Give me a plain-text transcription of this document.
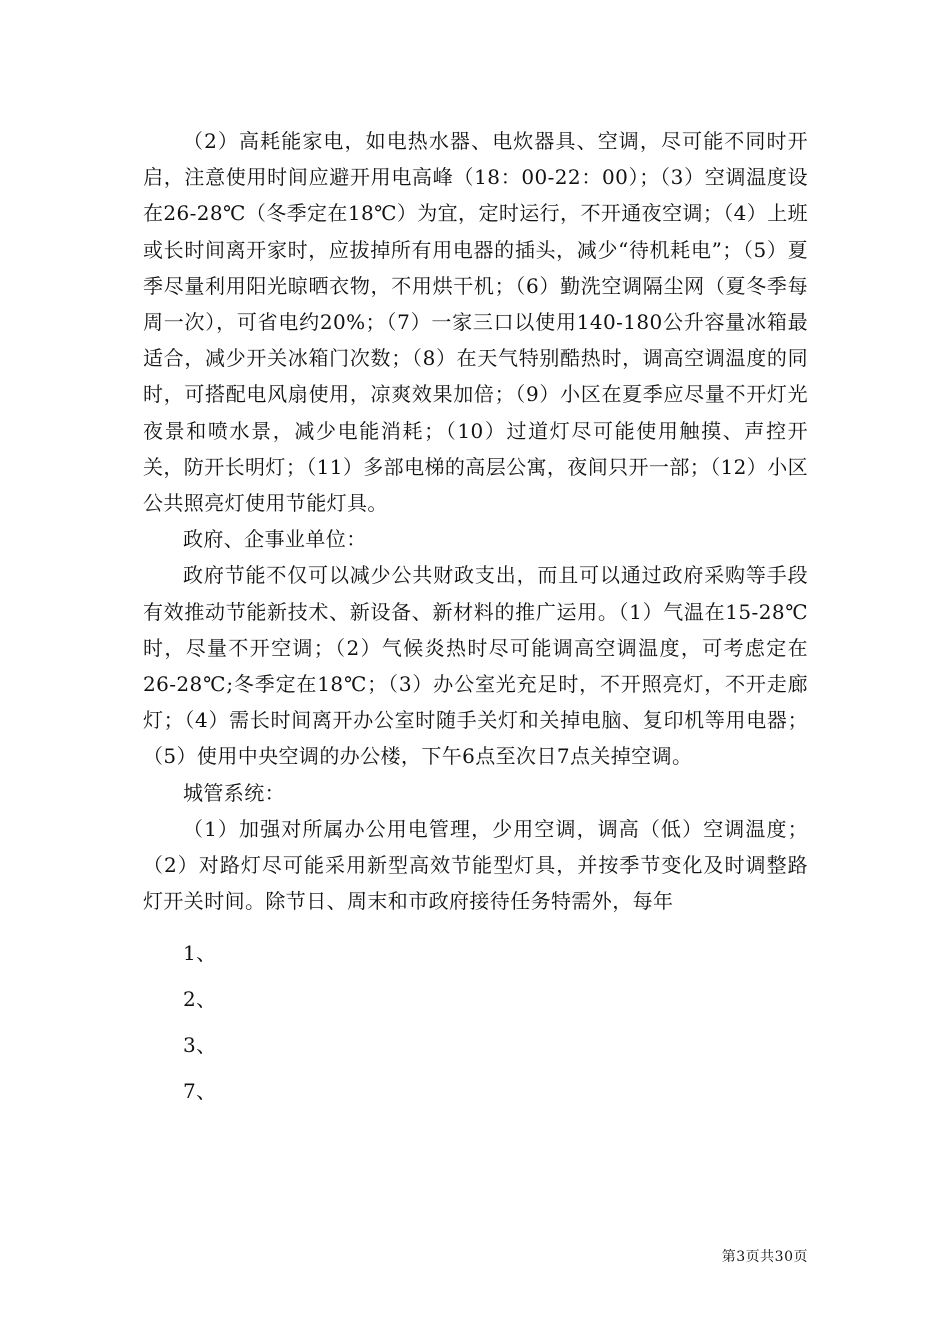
（2）高耗能家电，如电热水器、电炊器具、空调，尽可能不同时开启，注意使用时间应避开用电高峰（18：00-22：00）；（3）空调温度设在26-28℃（冬季定在18℃）为宜，定时运行，不开通夜空调；（4）上班或长时间离开家时，应拔掉所有用电器的插头，减少“待机耗电”；（5）夏季尽量利用阳光晾晒衣物，不用烘干机；（6）勤洗空调隔尘网（夏冬季每周一次），可省电约20%；（7）一家三口以使用140-180公升容量冰箱最适合，减少开关冰箱门次数；（8）在天气特别酷热时，调高空调温度的同时，可搭配电风扇使用，凉爽效果加倍；（9）小区在夏季应尽量不开灯光夜景和喷水景，减少电能消耗；（10）过道灯尽可能使用触摸、声控开关，防开长明灯；（11）多部电梯的高层公寓，夜间只开一部；（12）小区公共照亮灯使用节能灯具。

政府、企事业单位：

政府节能不仅可以减少公共财政支出，而且可以通过政府采购等手段有效推动节能新技术、新设备、新材料的推广运用。（1）气温在15-28℃时，尽量不开空调；（2）气候炎热时尽可能调高空调温度，可考虑定在26-28℃;冬季定在18℃；（3）办公室光充足时，不开照亮灯，不开走廊灯；（4）需长时间离开办公室时随手关灯和关掉电脑、复印机等用电器；（5）使用中央空调的办公楼，下午6点至次日7点关掉空调。

城管系统：

（1）加强对所属办公用电管理，少用空调，调高（低）空调温度；（2）对路灯尽可能采用新型高效节能型灯具，并按季节变化及时调整路灯开关时间。除节日、周末和市政府接待任务特需外，每年

1、
2、
3、
7、
第3页共30页
